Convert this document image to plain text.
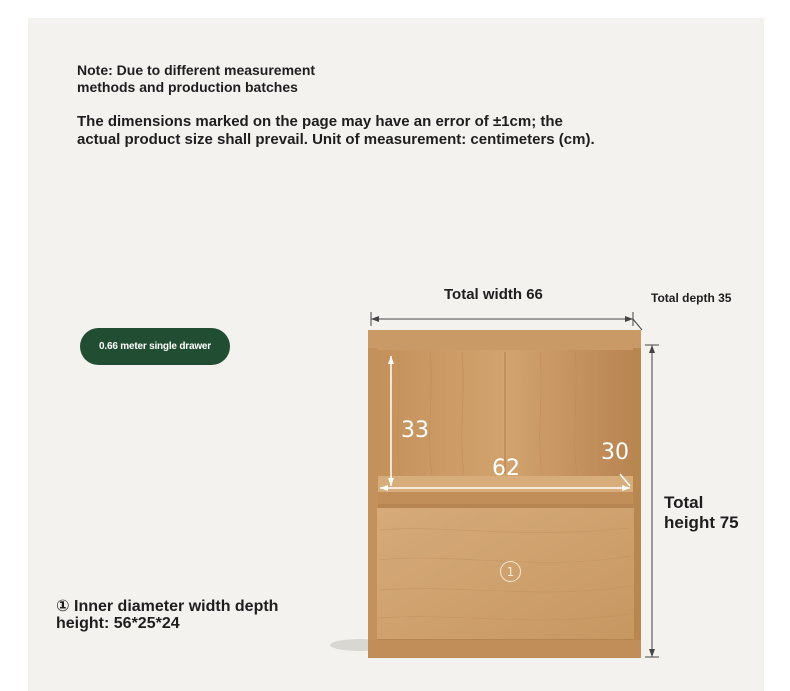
Note: Due to different measurement
methods and production batches
The dimensions marked on the page may have an error of ±1cm; the
actual product size shall prevail. Unit of measurement: centimeters (cm).
0.66 meter single drawer
Total width 66	Total depth 35
Total
height 75
33
62
30
1
① Inner diameter width depth
height: 56*25*24
